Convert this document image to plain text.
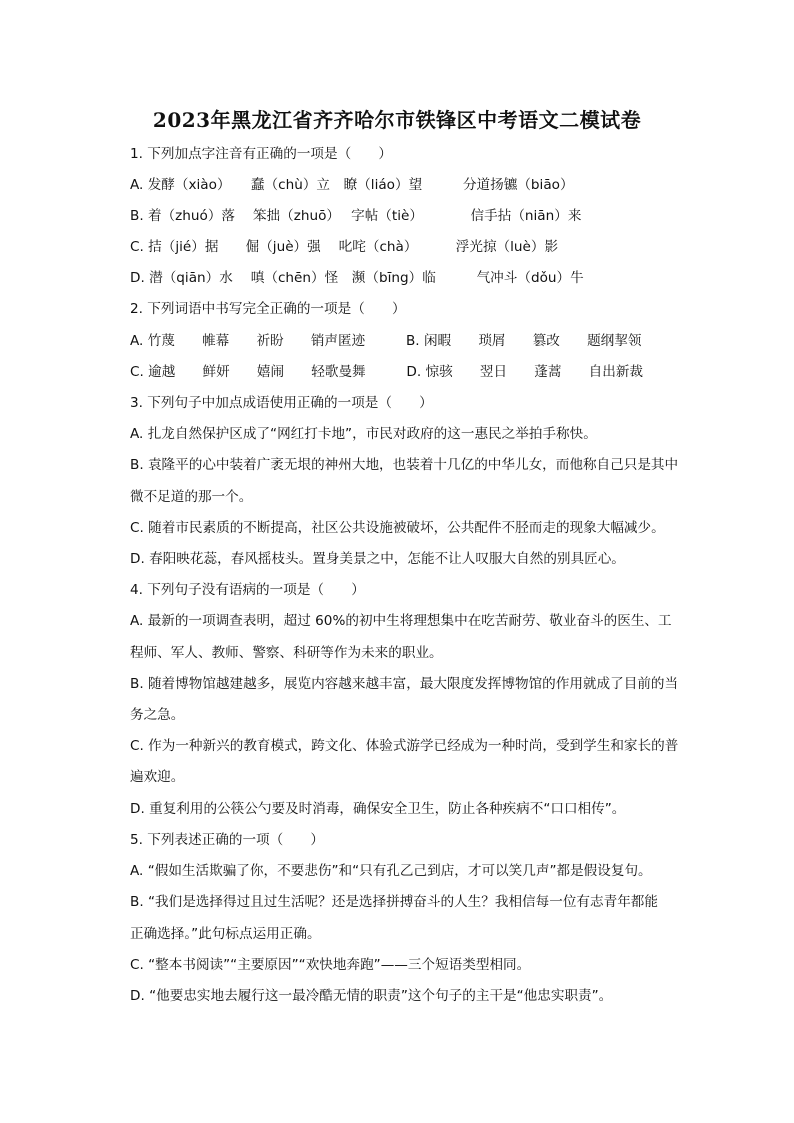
2023年黑龙江省齐齐哈尔市铁锋区中考语文二模试卷
1. 下列加点字注音有正确的一项是（　　）
A. 发酵（xiào）　　蠢（chù）立　瞭（liáo）望　　　分道扬镳（biāo）
B. 着（zhuó）落　 笨拙（zhuō）　 字帖（tiè）　　　　信手拈（niān）来
C. 拮（jié）据　　倔（juè）强　 叱咤（chà）　　　 浮光掠（luè）影
D. 潜（qiān）水　 嗔（chēn）怪　濒（bīng）临　　　气冲斗（dǒu）牛
2. 下列词语中书写完全正确的一项是（　　）
A. 竹蔑　　帷幕　　祈盼　　销声匿迹　　　B. 闲暇　　琐屑　　篡改　　题纲挈领
C. 逾越　　鲜妍　　嬉闹　　轻歌曼舞　　　D. 惊骇　　翌日　　蓬蒿　　自出新裁
3. 下列句子中加点成语使用正确的一项是（　　）
A. 扎龙自然保护区成了“网红打卡地”，市民对政府的这一惠民之举拍手称快。
B. 袁隆平的心中装着广袤无垠的神州大地，也装着十几亿的中华儿女，而他称自己只是其中
微不足道的那一个。
C. 随着市民素质的不断提高，社区公共设施被破坏，公共配件不胫而走的现象大幅减少。
D. 春阳映花蕊，春风摇枝头。置身美景之中，怎能不让人叹服大自然的别具匠心。
4. 下列句子没有语病的一项是（　　）
A. 最新的一项调查表明，超过 60%的初中生将理想集中在吃苦耐劳、敬业奋斗的医生、工
程师、军人、教师、警察、科研等作为未来的职业。
B. 随着博物馆越建越多，展览内容越来越丰富，最大限度发挥博物馆的作用就成了目前的当
务之急。
C. 作为一种新兴的教育模式，跨文化、体验式游学已经成为一种时尚，受到学生和家长的普
遍欢迎。
D. 重复利用的公筷公勺要及时消毒，确保安全卫生，防止各种疾病不“口口相传”。
5. 下列表述正确的一项（　　）
A. “假如生活欺骗了你，不要悲伤”和“只有孔乙己到店，才可以笑几声”都是假设复句。
B. “我们是选择得过且过生活呢？还是选择拼搏奋斗的人生？我相信每一位有志青年都能
正确选择。”此句标点运用正确。
C. “整本书阅读”“主要原因”“欢快地奔跑”——三个短语类型相同。
D. “他要忠实地去履行这一最冷酷无情的职责”这个句子的主干是“他忠实职责”。
